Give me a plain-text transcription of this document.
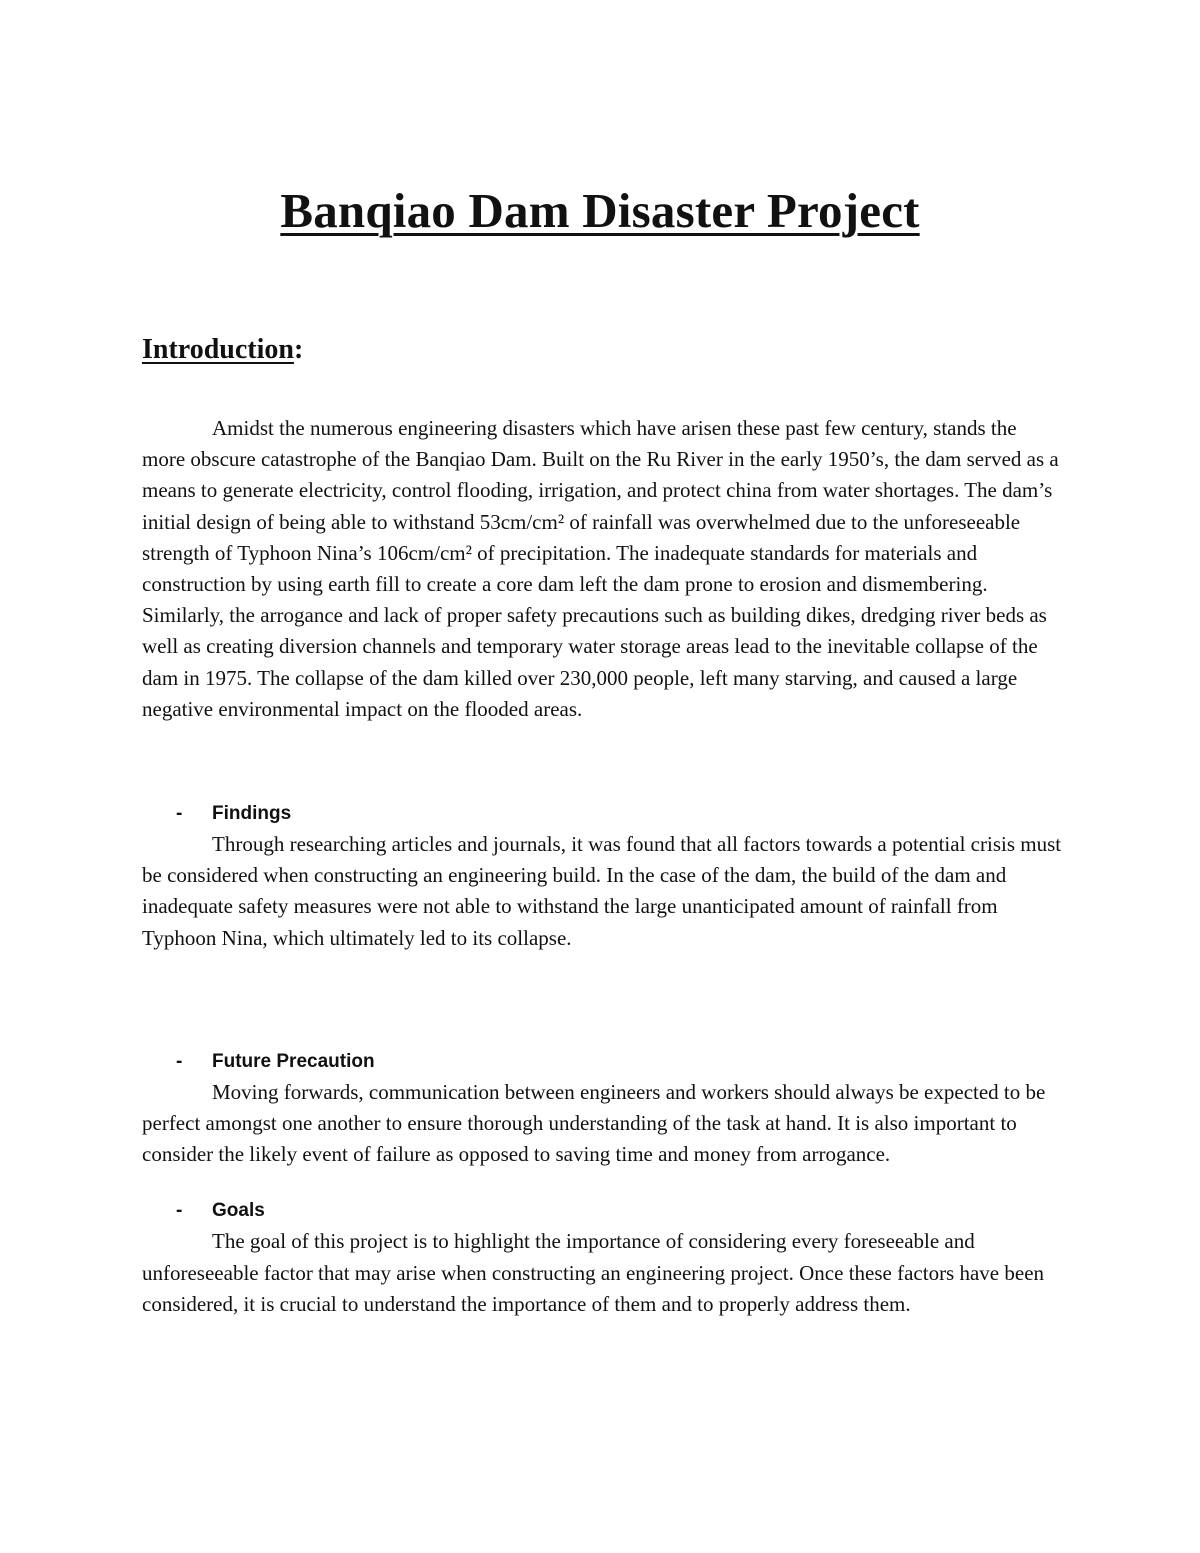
Banqiao Dam Disaster Project
Introduction:

Amidst the numerous engineering disasters which have arisen these past few century, stands the more obscure catastrophe of the Banqiao Dam. Built on the Ru River in the early 1950’s, the dam served as a means to generate electricity, control flooding, irrigation, and protect china from water shortages. The dam’s initial design of being able to withstand 53cm/cm² of rainfall was overwhelmed due to the unforeseeable strength of Typhoon Nina’s 106cm/cm² of precipitation. The inadequate standards for materials and construction by using earth fill to create a core dam left the dam prone to erosion and dismembering. Similarly, the arrogance and lack of proper safety precautions such as building dikes, dredging river beds as well as creating diversion channels and temporary water storage areas lead to the inevitable collapse of the dam in 1975. The collapse of the dam killed over 230,000 people, left many starving, and caused a large negative environmental impact on the flooded areas.

- Findings

Through researching articles and journals, it was found that all factors towards a potential crisis must be considered when constructing an engineering build. In the case of the dam, the build of the dam and inadequate safety measures were not able to withstand the large unanticipated amount of rainfall from Typhoon Nina, which ultimately led to its collapse.

- Future Precaution

Moving forwards, communication between engineers and workers should always be expected to be perfect amongst one another to ensure thorough understanding of the task at hand. It is also important to consider the likely event of failure as opposed to saving time and money from arrogance.

- Goals

The goal of this project is to highlight the importance of considering every foreseeable and unforeseeable factor that may arise when constructing an engineering project. Once these factors have been considered, it is crucial to understand the importance of them and to properly address them.
